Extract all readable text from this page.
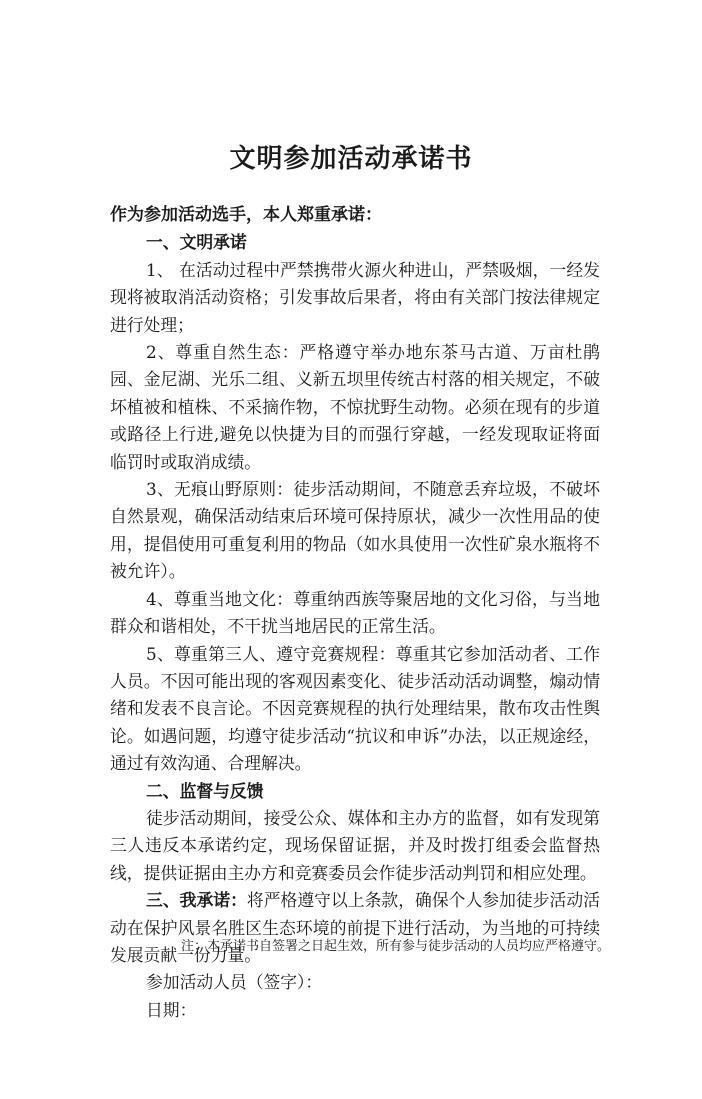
文明参加活动承诺书

作为参加活动选手，本人郑重承诺：

一、文明承诺

1、 在活动过程中严禁携带火源火种进山，严禁吸烟，一经发现将被取消活动资格；引发事故后果者，将由有关部门按法律规定进行处理；

2、尊重自然生态：严格遵守举办地东茶马古道、万亩杜鹃园、金尼湖、光乐二组、义新五坝里传统古村落的相关规定，不破坏植被和植株、不采摘作物，不惊扰野生动物。必须在现有的步道或路径上行进,避免以快捷为目的而强行穿越，一经发现取证将面临罚时或取消成绩。

3、无痕山野原则：徒步活动期间，不随意丢弃垃圾，不破坏自然景观，确保活动结束后环境可保持原状，减少一次性用品的使用，提倡使用可重复利用的物品（如水具使用一次性矿泉水瓶将不被允许）。

4、尊重当地文化：尊重纳西族等聚居地的文化习俗，与当地群众和谐相处，不干扰当地居民的正常生活。

5、尊重第三人、遵守竞赛规程：尊重其它参加活动者、工作人员。不因可能出现的客观因素变化、徒步活动活动调整，煽动情绪和发表不良言论。不因竞赛规程的执行处理结果，散布攻击性舆论。如遇问题，均遵守徒步活动“抗议和申诉”办法，以正规途经，通过有效沟通、合理解决。

二、监督与反馈

徒步活动期间，接受公众、媒体和主办方的监督，如有发现第三人违反本承诺约定，现场保留证据，并及时拨打组委会监督热线，提供证据由主办方和竞赛委员会作徒步活动判罚和相应处理。

三、我承诺：将严格遵守以上条款，确保个人参加徒步活动活动在保护风景名胜区生态环境的前提下进行活动，为当地的可持续发展贡献一份力量。

参加活动人员（签字）：

日期：

注：本承诺书自签署之日起生效，所有参与徒步活动的人员均应严格遵守。
